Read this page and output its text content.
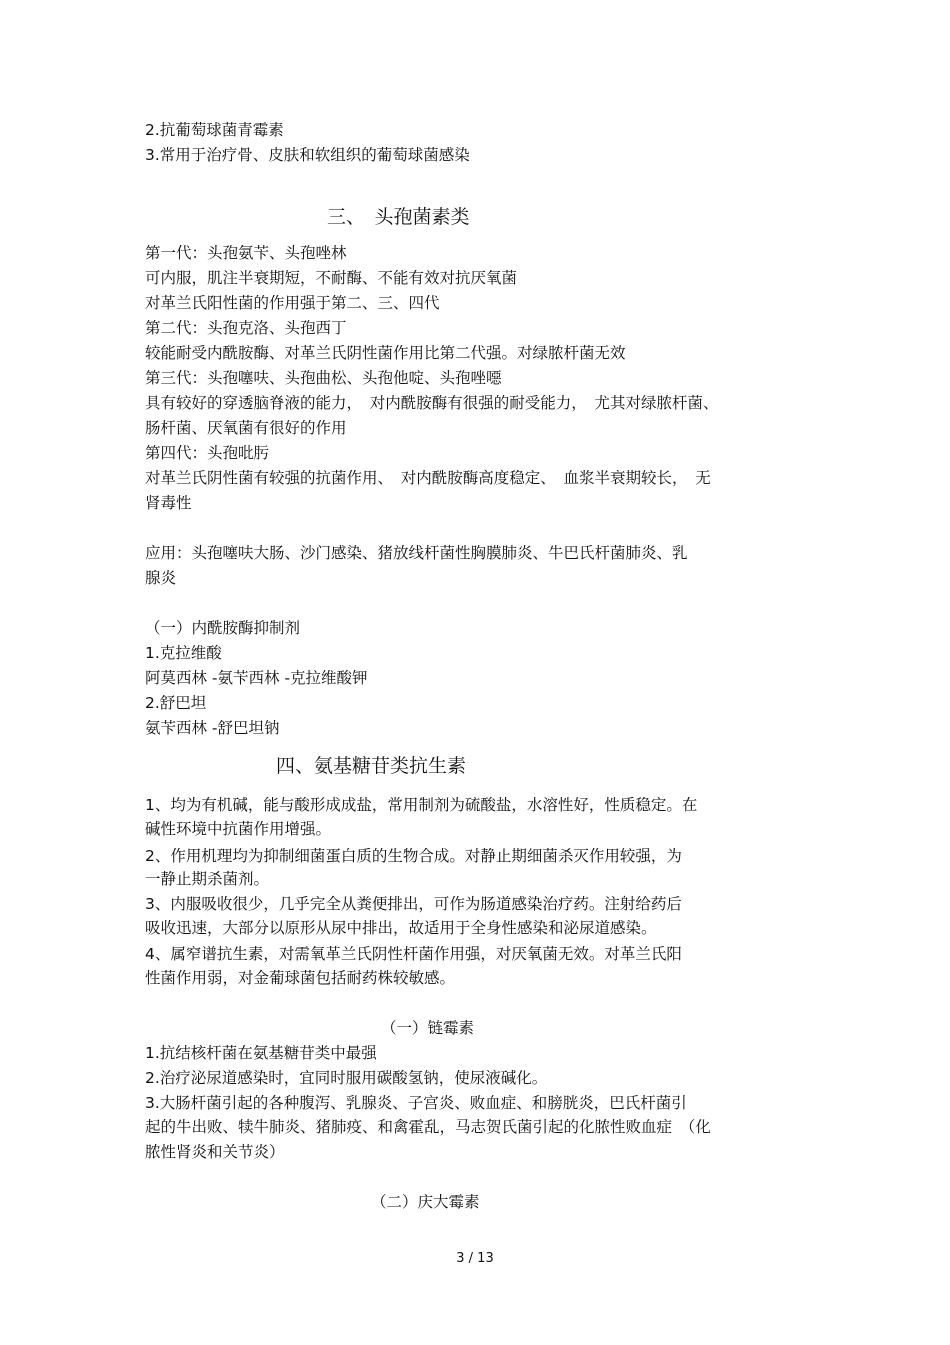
2.抗葡萄球菌青霉素
3.常用于治疗骨、皮肤和软组织的葡萄球菌感染
三、　头孢菌素类
第一代：头孢氨苄、头孢唑林
可内服，肌注半衰期短，不耐酶、不能有效对抗厌氧菌
对革兰氏阳性菌的作用强于第二、三、四代
第二代：头孢克洛、头孢西丁
较能耐受内酰胺酶、对革兰氏阴性菌作用比第二代强。对绿脓杆菌无效
第三代：头孢噻呋、头孢曲松、头孢他啶、头孢唑噁
具有较好的穿透脑脊液的能力，　对内酰胺酶有很强的耐受能力，　尤其对绿脓杆菌、
肠杆菌、厌氧菌有很好的作用
第四代：头孢吡肟
对革兰氏阴性菌有较强的抗菌作用、　对内酰胺酶高度稳定、　血浆半衰期较长，　无
肾毒性
应用：头孢噻呋大肠、沙门感染、猪放线杆菌性胸膜肺炎、牛巴氏杆菌肺炎、乳
腺炎
（一）内酰胺酶抑制剂
1.克拉维酸
阿莫西林 -氨苄西林 -克拉维酸钾
2.舒巴坦
氨苄西林 -舒巴坦钠
四、氨基糖苷类抗生素
1、均为有机碱，能与酸形成成盐，常用制剂为硫酸盐，水溶性好，性质稳定。在
碱性环境中抗菌作用增强。
2、作用机理均为抑制细菌蛋白质的生物合成。对静止期细菌杀灭作用较强，为
一静止期杀菌剂。
3、内服吸收很少，几乎完全从粪便排出，可作为肠道感染治疗药。注射给药后
吸收迅速，大部分以原形从尿中排出，故适用于全身性感染和泌尿道感染。
4、属窄谱抗生素，对需氧革兰氏阴性杆菌作用强，对厌氧菌无效。对革兰氏阳
性菌作用弱，对金葡球菌包括耐药株较敏感。
（一）链霉素
1.抗结核杆菌在氨基糖苷类中最强
2.治疗泌尿道感染时，宜同时服用碳酸氢钠，使尿液碱化。
3.大肠杆菌引起的各种腹泻、乳腺炎、子宫炎、败血症、和膀胱炎，巴氏杆菌引
起的牛出败、犊牛肺炎、猪肺疫、和禽霍乱，马志贺氏菌引起的化脓性败血症　（化
脓性肾炎和关节炎）
（二）庆大霉素
3 / 13
